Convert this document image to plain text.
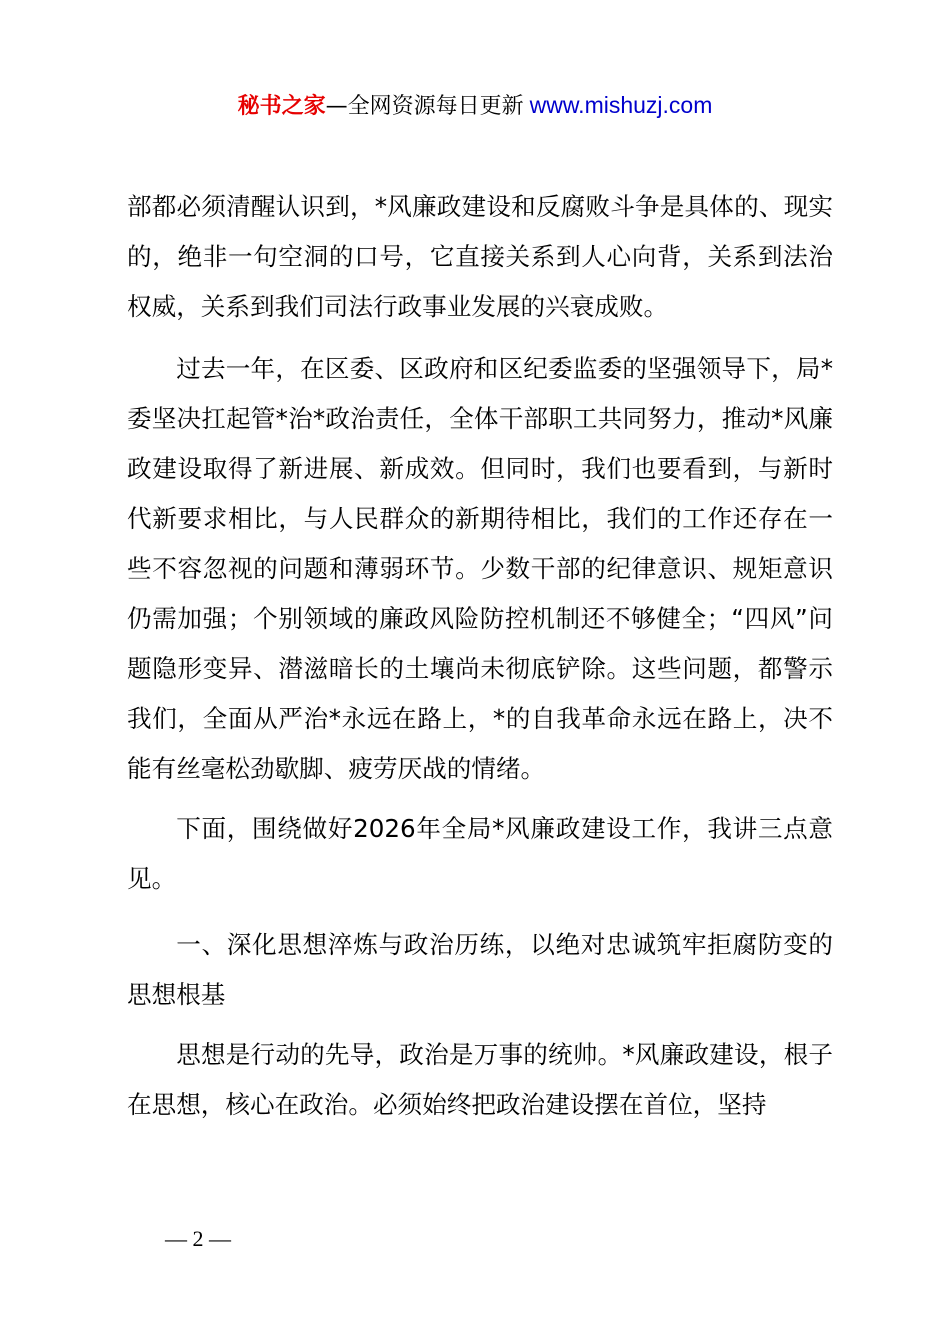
秘书之家—全网资源每日更新 www.mishuzj.com

部都必须清醒认识到，*风廉政建设和反腐败斗争是具体的、现实的，绝非一句空洞的口号，它直接关系到人心向背，关系到法治权威，关系到我们司法行政事业发展的兴衰成败。

过去一年，在区委、区政府和区纪委监委的坚强领导下，局*委坚决扛起管*治*政治责任，全体干部职工共同努力，推动*风廉政建设取得了新进展、新成效。但同时，我们也要看到，与新时代新要求相比，与人民群众的新期待相比，我们的工作还存在一些不容忽视的问题和薄弱环节。少数干部的纪律意识、规矩意识仍需加强；个别领域的廉政风险防控机制还不够健全；“四风”问题隐形变异、潜滋暗长的土壤尚未彻底铲除。这些问题，都警示我们，全面从严治*永远在路上，*的自我革命永远在路上，决不能有丝毫松劲歇脚、疲劳厌战的情绪。

下面，围绕做好2026年全局*风廉政建设工作，我讲三点意见。

一、深化思想淬炼与政治历练，以绝对忠诚筑牢拒腐防变的思想根基

思想是行动的先导，政治是万事的统帅。*风廉政建设，根子在思想，核心在政治。必须始终把政治建设摆在首位，坚持

— 2 —
